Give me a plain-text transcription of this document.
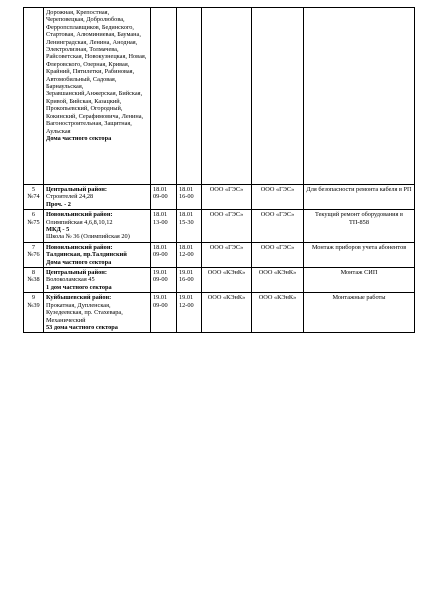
	Дорожная, Крепостная, Череповецкая, Добролюбова, Ферропсплавщиков, Бединского, Стартовая, Алюминиевая, Баумана, Ленинградская, Ленина, Анодная, Электролизная, Толмачева, Райсоветская, Новокузнецкая, Новая, Флеровского, Озерная, Кривая, Крайний, Пятилетки, Рабиновая, Автомобильный, Садовая, Барнаульская, Зеравшанский,Анжерская, Бийская, Кривой, Бийская, Казацкий, Прокопьевский, Огородный, Кокинский, Серафимовича, Ленина, Вагоностроительная, Защитная, Аульская
Дома частного сектора					

5
№74	Центральный район:
Строителей 24,28
Проч. - 2	18.01
09-00	18.01
16-00	ООО «ГЭС»	ООО «ГЭС»	Для безопасности ремонта кабеля в РП

6
№75	Новоильинский район:
Олимпийская 4,6,8,10,12
МКД - 5
Школа № 36 (Олимпийская 20)	18.01
13-00	18.01
15-30	ООО «ГЭС»	ООО «ГЭС»	Текущий ремонт оборудования в ТП-858

7
№76	Новоильинский район: Талдинская, пр.Талдинский
Дома частного сектора	18.01
09-00	18.01
12-00	ООО «ГЭС»	ООО «ГЭС»	Монтаж приборов учета абонентов

8
№38	Центральный район:
Волоколамская 45
1 дом частного сектора	19.01
09-00	19.01
16-00	ООО «КЭнК»	ООО «КЭнК»	Монтаж СИП

9
№39	Куйбышевский район:
Прокатная, Дупленская, Кузедеевская, пр. Стахевара, Механический
53 дома частного сектора	19.01
09-00	19.01
12-00	ООО «КЭнК»	ООО «КЭнК»	Монтажные работы
